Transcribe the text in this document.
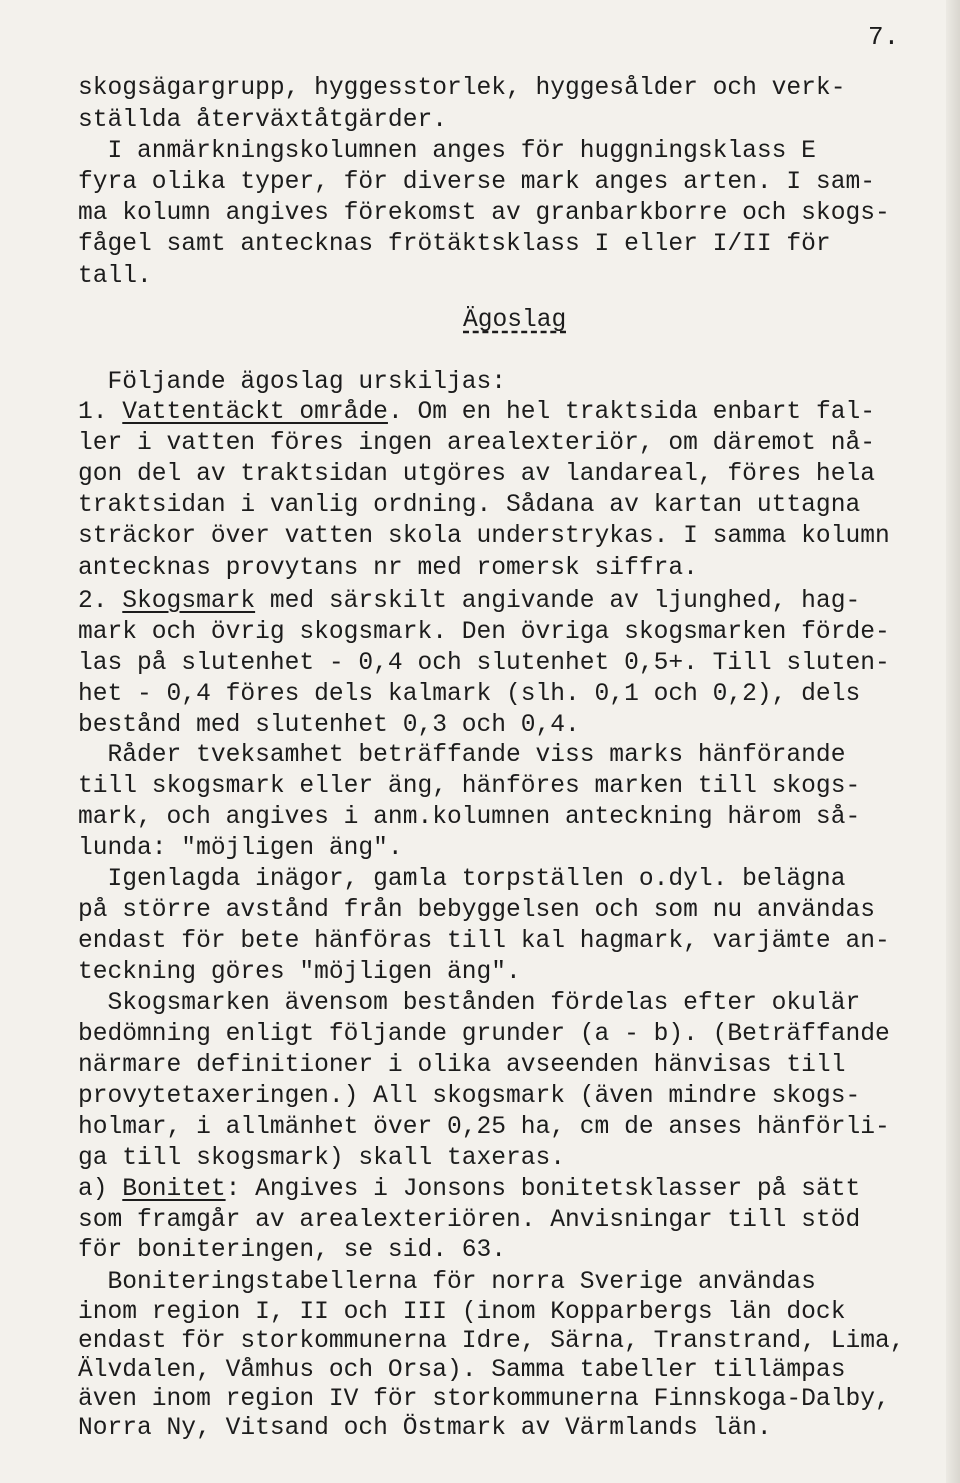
7.

skogsägargrupp, hyggesstorlek, hyggesålder och verk-

ställda återväxtåtgärder.

I anmärkningskolumnen anges för huggningsklass E

fyra olika typer, för diverse mark anges arten. I sam-

ma kolumn angives förekomst av granbarkborre och skogs-

fågel samt antecknas frötäktsklass I eller I/II för

tall.

Ägoslag

Följande ägoslag urskiljas:

1. Vattentäckt område. Om en hel traktsida enbart fal-

ler i vatten föres ingen arealexteriör, om däremot nå-

gon del av traktsidan utgöres av landareal, föres hela

traktsidan i vanlig ordning. Sådana av kartan uttagna

sträckor över vatten skola understrykas. I samma kolumn

antecknas provytans nr med romersk siffra.

2. Skogsmark med särskilt angivande av ljunghed, hag-

mark och övrig skogsmark. Den övriga skogsmarken förde-

las på slutenhet - 0,4 och slutenhet 0,5+. Till sluten-

het - 0,4 föres dels kalmark (slh. 0,1 och 0,2), dels

bestånd med slutenhet 0,3 och 0,4.

Råder tveksamhet beträffande viss marks hänförande

till skogsmark eller äng, hänföres marken till skogs-

mark, och angives i anm.kolumnen anteckning härom så-

lunda: "möjligen äng".

Igenlagda inägor, gamla torpställen o.dyl. belägna

på större avstånd från bebyggelsen och som nu användas

endast för bete hänföras till kal hagmark, varjämte an-

teckning göres "möjligen äng".

Skogsmarken ävensom bestånden fördelas efter okulär

bedömning enligt följande grunder (a - b). (Beträffande

närmare definitioner i olika avseenden hänvisas till

provytetaxeringen.) All skogsmark (även mindre skogs-

holmar, i allmänhet över 0,25 ha, cm de anses hänförli-

ga till skogsmark) skall taxeras.

a) Bonitet: Angives i Jonsons bonitetsklasser på sätt

som framgår av arealexteriören. Anvisningar till stöd

för boniteringen, se sid. 63.

Boniteringstabellerna för norra Sverige användas

inom region I, II och III (inom Kopparbergs län dock

endast för storkommunerna Idre, Särna, Transtrand, Lima,

Älvdalen, Våmhus och Orsa). Samma tabeller tillämpas

även inom region IV för storkommunerna Finnskoga-Dalby,

Norra Ny, Vitsand och Östmark av Värmlands län.
